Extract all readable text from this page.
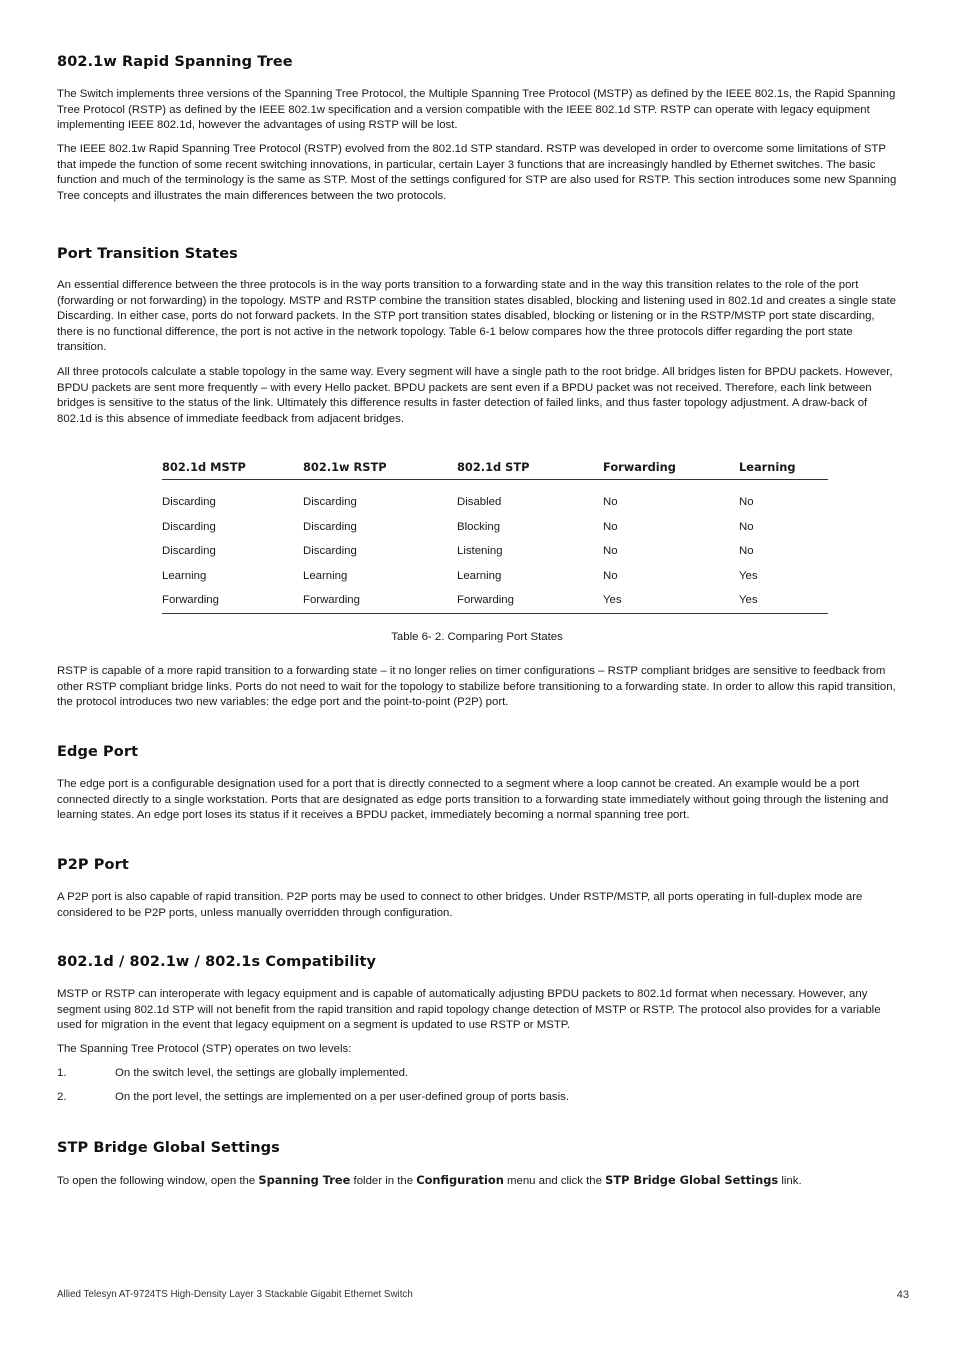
802.1w Rapid Spanning Tree

The Switch implements three versions of the Spanning Tree Protocol, the Multiple Spanning Tree Protocol (MSTP) as defined by the IEEE 802.1s, the Rapid Spanning Tree Protocol (RSTP) as defined by the IEEE 802.1w specification and a version compatible with the IEEE 802.1d STP. RSTP can operate with legacy equipment implementing IEEE 802.1d, however the advantages of using RSTP will be lost.

The IEEE 802.1w Rapid Spanning Tree Protocol (RSTP) evolved from the 802.1d STP standard. RSTP was developed in order to overcome some limitations of STP that impede the function of some recent switching innovations, in particular, certain Layer 3 functions that are increasingly handled by Ethernet switches. The basic function and much of the terminology is the same as STP. Most of the settings configured for STP are also used for RSTP. This section introduces some new Spanning Tree concepts and illustrates the main differences between the two protocols.

Port Transition States

An essential difference between the three protocols is in the way ports transition to a forwarding state and in the way this transition relates to the role of the port (forwarding or not forwarding) in the topology. MSTP and RSTP combine the transition states disabled, blocking and listening used in 802.1d and creates a single state Discarding. In either case, ports do not forward packets. In the STP port transition states disabled, blocking or listening or in the RSTP/MSTP port state discarding, there is no functional difference, the port is not active in the network topology. Table 6-1 below compares how the three protocols differ regarding the port state transition.

All three protocols calculate a stable topology in the same way. Every segment will have a single path to the root bridge. All bridges listen for BPDU packets. However, BPDU packets are sent more frequently – with every Hello packet. BPDU packets are sent even if a BPDU packet was not received. Therefore, each link between bridges is sensitive to the status of the link. Ultimately this difference results in faster detection of failed links, and thus faster topology adjustment. A draw-back of 802.1d is this absence of immediate feedback from adjacent bridges.

802.1d MSTP	802.1w RSTP	802.1d STP	Forwarding	Learning
Discarding	Discarding	Disabled	No	No
Discarding	Discarding	Blocking	No	No
Discarding	Discarding	Listening	No	No
Learning	Learning	Learning	No	Yes
Forwarding	Forwarding	Forwarding	Yes	Yes
Table 6- 2. Comparing Port States

RSTP is capable of a more rapid transition to a forwarding state – it no longer relies on timer configurations – RSTP compliant bridges are sensitive to feedback from other RSTP compliant bridge links. Ports do not need to wait for the topology to stabilize before transitioning to a forwarding state. In order to allow this rapid transition, the protocol introduces two new variables: the edge port and the point-to-point (P2P) port.

Edge Port

The edge port is a configurable designation used for a port that is directly connected to a segment where a loop cannot be created. An example would be a port connected directly to a single workstation. Ports that are designated as edge ports transition to a forwarding state immediately without going through the listening and learning states. An edge port loses its status if it receives a BPDU packet, immediately becoming a normal spanning tree port.

P2P Port

A P2P port is also capable of rapid transition. P2P ports may be used to connect to other bridges. Under RSTP/MSTP, all ports operating in full-duplex mode are considered to be P2P ports, unless manually overridden through configuration.

802.1d / 802.1w / 802.1s Compatibility

MSTP or RSTP can interoperate with legacy equipment and is capable of automatically adjusting BPDU packets to 802.1d format when necessary. However, any segment using 802.1d STP will not benefit from the rapid transition and rapid topology change detection of MSTP or RSTP. The protocol also provides for a variable used for migration in the event that legacy equipment on a segment is updated to use RSTP or MSTP.

The Spanning Tree Protocol (STP) operates on two levels:

1.	On the switch level, the settings are globally implemented.
2.	On the port level, the settings are implemented on a per user-defined group of ports basis.
STP Bridge Global Settings

To open the following window, open the Spanning Tree folder in the Configuration menu and click the STP Bridge Global Settings link.

Allied Telesyn AT-9724TS High-Density Layer 3 Stackable Gigabit Ethernet Switch	43
